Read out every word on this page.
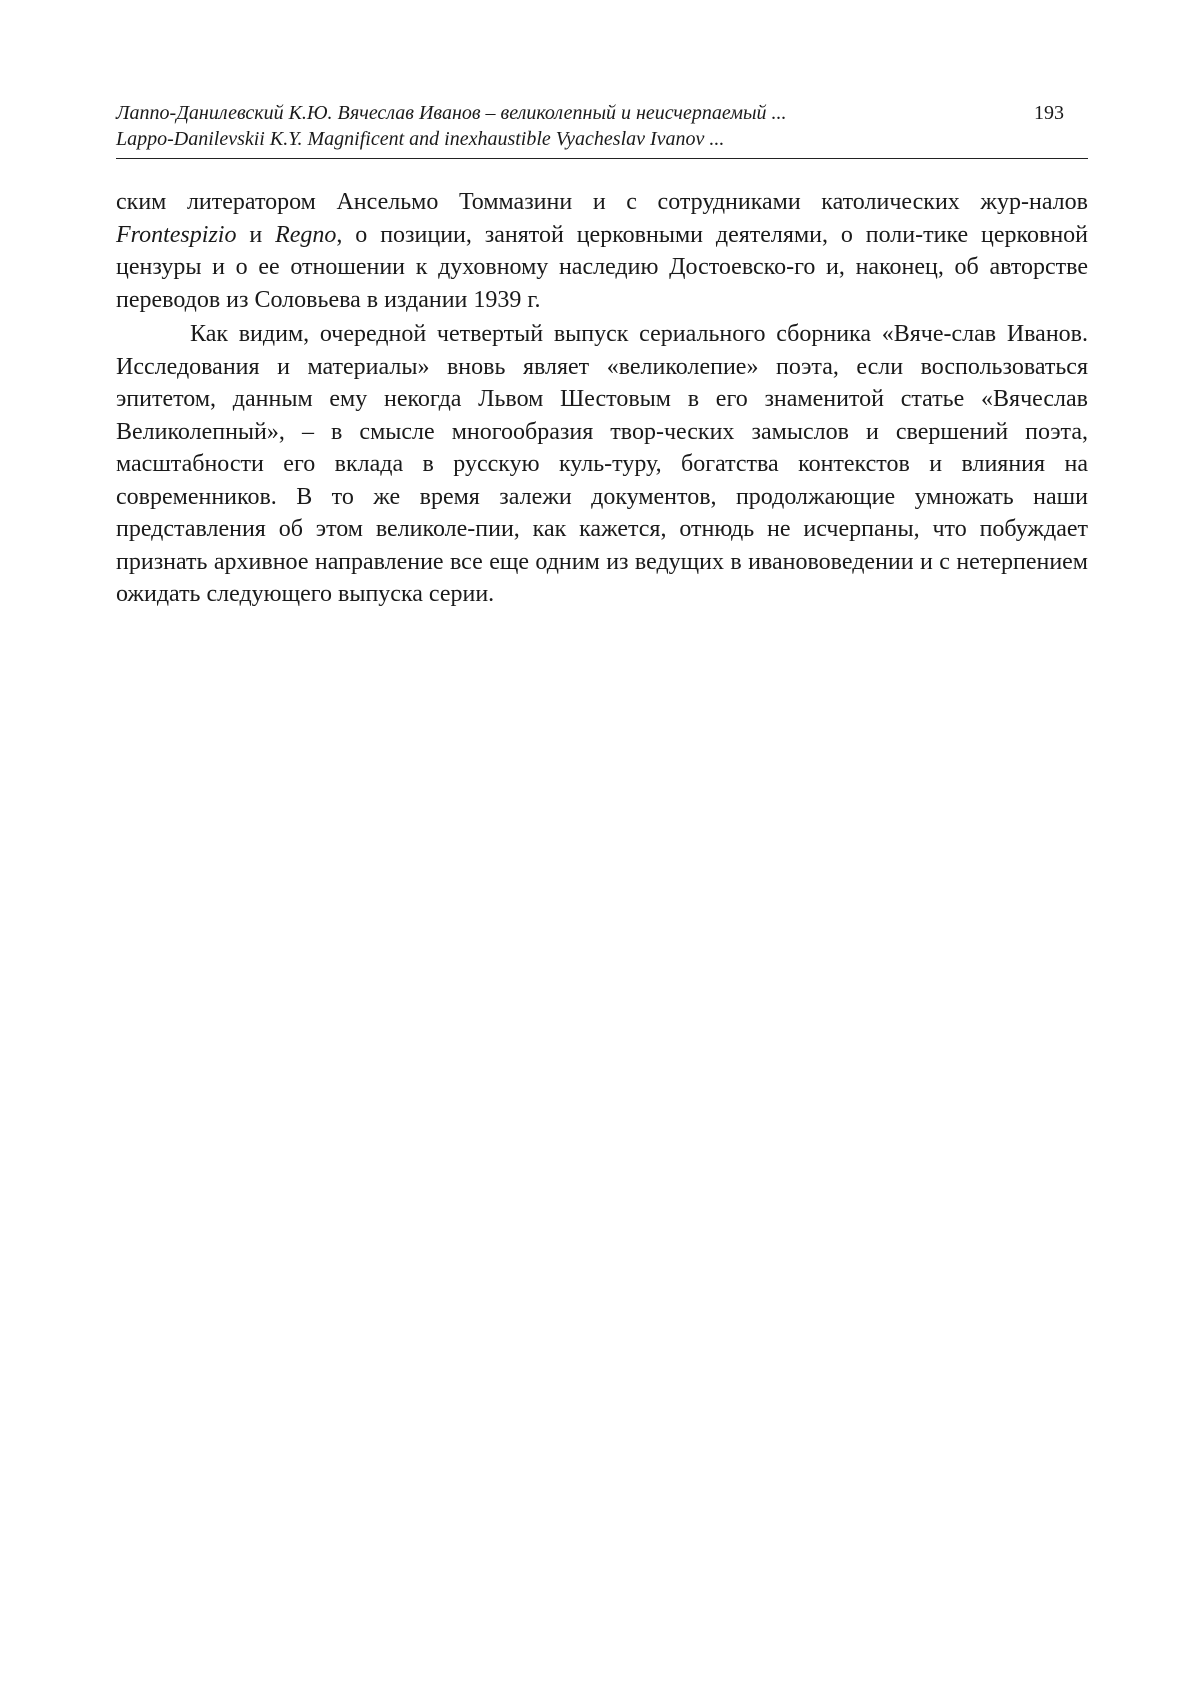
Лаппо-Данилевский К.Ю. Вячеслав Иванов – великолепный и неисчерпаемый ...
Lappo-Danilevskii K.Y. Magnificent and inexhaustible Vyacheslav Ivanov ...
193

ским литератором Ансельмо Томмазини и с сотрудниками католических жур-налов Frontespizio и Regno, о позиции, занятой церковными деятелями, о поли-тике церковной цензуры и о ее отношении к духовному наследию Достоевско-го и, наконец, об авторстве переводов из Соловьева в издании 1939 г.

Как видим, очередной четвертый выпуск сериального сборника «Вяче-слав Иванов. Исследования и материалы» вновь являет «великолепие» поэта, если воспользоваться эпитетом, данным ему некогда Львом Шестовым в его знаменитой статье «Вячеслав Великолепный», – в смысле многообразия твор-ческих замыслов и свершений поэта, масштабности его вклада в русскую куль-туру, богатства контекстов и влияния на современников. В то же время залежи документов, продолжающие умножать наши представления об этом великоле-пии, как кажется, отнюдь не исчерпаны, что побуждает признать архивное направление все еще одним из ведущих в иванововедении и с нетерпением ожидать следующего выпуска серии.
